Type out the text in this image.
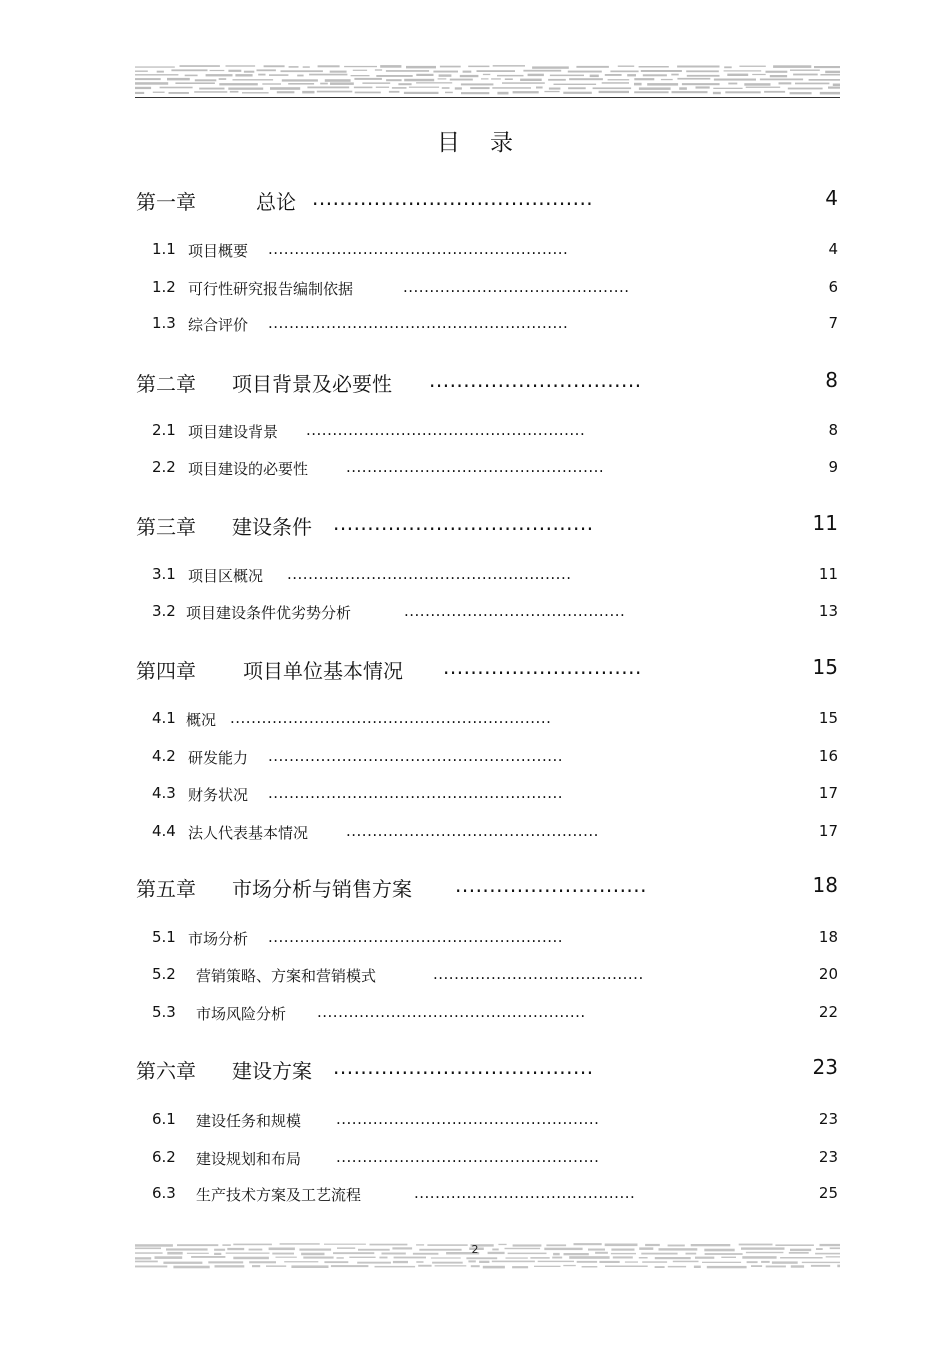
目 录
第一章	总论 .........................................	4
1.1 项目概要 .........................................................	4
1.2 可行性研究报告编制依据	...........................................	6
1.3 综合评价 .........................................................	7
第二章 项目背景及必要性 ...............................	8
2.1 项目建设背景 .....................................................	8
2.2 项目建设的必要性	.................................................	9
第三章 建设条件 ......................................	11
3.1 项目区概况 ......................................................	11
3.2 项目建设条件优劣势分析	..........................................	13
第四章 项目单位基本情况 .............................	15
4.1 概况 .............................................................	15
4.2 研发能力 ........................................................	16
4.3 财务状况 ........................................................	17
4.4 法人代表基本情况	................................................	17
第五章 市场分析与销售方案 ............................	18
5.1 市场分析 ........................................................	18
5.2 营销策略、方案和营销模式	........................................	20
5.3 市场风险分析 ...................................................	22
第六章 建设方案 ......................................	23
6.1 建设任务和规模 ..................................................	23
6.2 建设规划和布局 ..................................................	23
6.3 生产技术方案及工艺流程	..........................................	25
2
